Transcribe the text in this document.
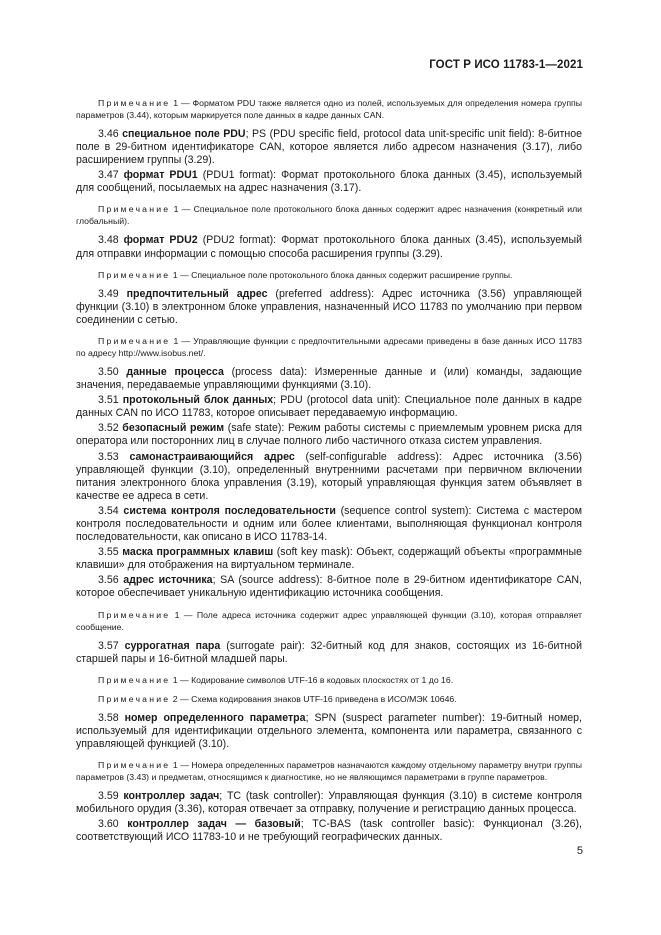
ГОСТ Р ИСО 11783-1—2021

Примечание 1 — Форматом PDU также является одно из полей, используемых для определения номера группы параметров (3.44), которым маркируется поле данных в кадре данных CAN.

3.46 специальное поле PDU; PS (PDU specific field, protocol data unit-specific unit field): 8-битное поле в 29-битном идентификаторе CAN, которое является либо адресом назначения (3.17), либо расширением группы (3.29).

3.47 формат PDU1 (PDU1 format): Формат протокольного блока данных (3.45), используемый для сообщений, посылаемых на адрес назначения (3.17).

Примечание 1 — Специальное поле протокольного блока данных содержит адрес назначения (конкретный или глобальный).

3.48 формат PDU2 (PDU2 format): Формат протокольного блока данных (3.45), используемый для отправки информации с помощью способа расширения группы (3.29).

Примечание 1 — Специальное поле протокольного блока данных содержит расширение группы.

3.49 предпочтительный адрес (preferred address): Адрес источника (3.56) управляющей функции (3.10) в электронном блоке управления, назначенный ИСО 11783 по умолчанию при первом соединении с сетью.

Примечание 1 — Управляющие функции с предпочтительными адресами приведены в базе данных ИСО 11783 по адресу http://www.isobus.net/.

3.50 данные процесса (process data): Измеренные данные и (или) команды, задающие значения, передаваемые управляющими функциями (3.10).

3.51 протокольный блок данных; PDU (protocol data unit): Специальное поле данных в кадре данных CAN по ИСО 11783, которое описывает передаваемую информацию.

3.52 безопасный режим (safe state): Режим работы системы с приемлемым уровнем риска для оператора или посторонних лиц в случае полного либо частичного отказа систем управления.

3.53 самонастраивающийся адрес (self-configurable address): Адрес источника (3.56) управляющей функции (3.10), определенный внутренними расчетами при первичном включении питания электронного блока управления (3.19), который управляющая функция затем объявляет в качестве ее адреса в сети.

3.54 система контроля последовательности (sequence control system): Система с мастером контроля последовательности и одним или более клиентами, выполняющая функционал контроля последовательности, как описано в ИСО 11783-14.

3.55 маска программных клавиш (soft key mask): Объект, содержащий объекты «программные клавиши» для отображения на виртуальном терминале.

3.56 адрес источника; SA (source address): 8-битное поле в 29-битном идентификаторе CAN, которое обеспечивает уникальную идентификацию источника сообщения.

Примечание 1 — Поле адреса источника содержит адрес управляющей функции (3.10), которая отправляет сообщение.

3.57 суррогатная пара (surrogate pair): 32-битный код для знаков, состоящих из 16-битной старшей пары и 16-битной младшей пары.

Примечание 1 — Кодирование символов UTF-16 в кодовых плоскостях от 1 до 16.

Примечание 2 — Схема кодирования знаков UTF-16 приведена в ИСО/МЭК 10646.

3.58 номер определенного параметра; SPN (suspect parameter number): 19-битный номер, используемый для идентификации отдельного элемента, компонента или параметра, связанного с управляющей функцией (3.10).

Примечание 1 — Номера определенных параметров назначаются каждому отдельному параметру внутри группы параметров (3.43) и предметам, относящимся к диагностике, но не являющимся параметрами в группе параметров.

3.59 контроллер задач; TC (task controller): Управляющая функция (3.10) в системе контроля мобильного орудия (3.36), которая отвечает за отправку, получение и регистрацию данных процесса.

3.60 контроллер задач — базовый; TC-BAS (task controller basic): Функционал (3.26), соответствующий ИСО 11783-10 и не требующий географических данных.

5
